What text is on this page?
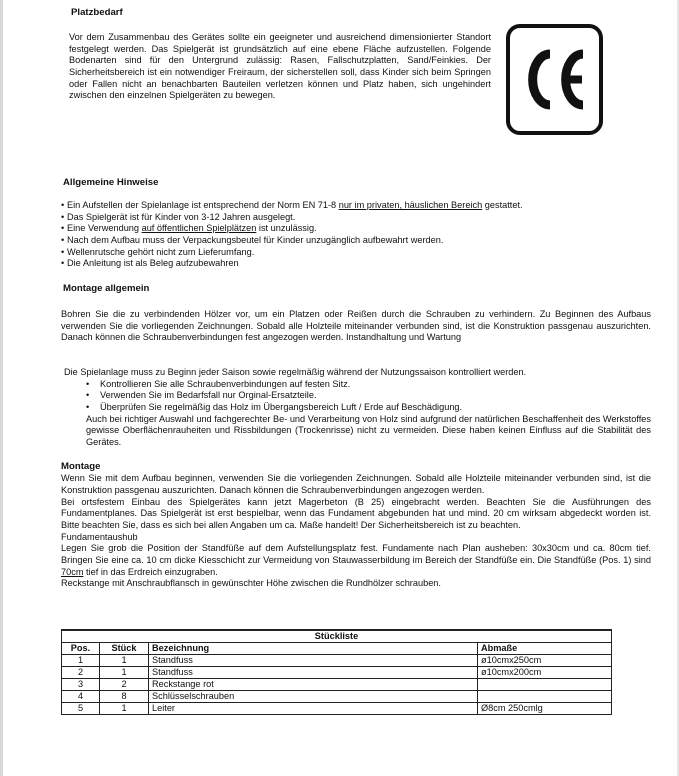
Platzbedarf

Vor dem Zusammenbau des Gerätes sollte ein geeigneter und ausreichend dimensionierter Standort festgelegt werden. Das Spielgerät ist grundsätzlich auf eine ebene Fläche aufzustellen. Folgende Bodenarten sind für den Untergrund zulässig: Rasen, Fallschutzplatten, Sand/Feinkies. Der Sicherheitsbereich ist ein notwendiger Freiraum, der sicherstellen soll, dass Kinder sich beim Springen oder Fallen nicht an benachbarten Bauteilen verletzen können und Platz haben, sich ungehindert zwischen den einzelnen Spielgeräten zu bewegen.

Allgemeine Hinweise
• Ein Aufstellen der Spielanlage ist entsprechend der Norm EN 71-8 nur im privaten, häuslichen Bereich gestattet.
• Das Spielgerät ist für Kinder von 3-12 Jahren ausgelegt.
• Eine Verwendung auf öffentlichen Spielplätzen ist unzulässig.
• Nach dem Aufbau muss der Verpackungsbeutel für Kinder unzugänglich aufbewahrt werden.
• Wellenrutsche gehört nicht zum Lieferumfang.
• Die Anleitung ist als Beleg aufzubewahren
Montage allgemein

Bohren Sie die zu verbindenden Hölzer vor, um ein Platzen oder Reißen durch die Schrauben zu verhindern. Zu Beginnen des Aufbaus verwenden Sie die vorliegenden Zeichnungen. Sobald alle Holzteile miteinander verbunden sind, ist die Konstruktion passgenau auszurichten. Danach können die Schraubenverbindungen fest angezogen werden. Instandhaltung und Wartung

Die Spielanlage muss zu Beginn jeder Saison sowie regelmäßig während der Nutzungssaison kontrolliert werden.
• Kontrollieren Sie alle Schraubenverbindungen auf festen Sitz.
• Verwenden Sie im Bedarfsfall nur Orginal-Ersatzteile.
• Überprüfen Sie regelmäßig das Holz im Übergangsbereich Luft / Erde auf Beschädigung.

Auch bei richtiger Auswahl und fachgerechter Be- und Verarbeitung von Holz sind aufgrund der natürlichen Beschaffenheit des Werkstoffes gewisse Oberflächenrauheiten und Rissbildungen (Trockenrisse) nicht zu vermeiden. Diese haben keinen Einfluss auf die Stabilität des Gerätes.

Montage

Wenn Sie mit dem Aufbau beginnen, verwenden Sie die vorliegenden Zeichnungen. Sobald alle Holzteile miteinander verbunden sind, ist die Konstruktion passgenau auszurichten. Danach können die Schraubenverbindungen angezogen werden.

Bei ortsfestem Einbau des Spielgerätes kann jetzt Magerbeton (B 25) eingebracht werden. Beachten Sie die Ausführungen des Fundamentplanes. Das Spielgerät ist erst bespielbar, wenn das Fundament abgebunden hat und mind. 20 cm wirksam abgedeckt worden ist. Bitte beachten Sie, dass es sich bei allen Angaben um ca. Maße handelt! Der Sicherheitsbereich ist zu beachten.

Fundamentaushub

Legen Sie grob die Position der Standfüße auf dem Aufstellungsplatz fest. Fundamente nach Plan ausheben: 30x30cm und ca. 80cm tief. Bringen Sie eine ca. 10 cm dicke Kiesschicht zur Vermeidung von Stauwasserbildung im Bereich der Standfüße ein. Die Standfüße (Pos. 1) sind 70cm tief in das Erdreich einzugraben.

Reckstange mit Anschraubflansch in gewünschter Höhe zwischen die Rundhölzer schrauben.
Stückliste			
Pos.	Stück	Bezeichnung	Abmaße
1	1	Standfuss	ø10cmx250cm
2	1	Standfuss	ø10cmx200cm
3	2	Reckstange rot	
4	8	Schlüsselschrauben	
5	1	Leiter	Ø8cm 250cmlg
